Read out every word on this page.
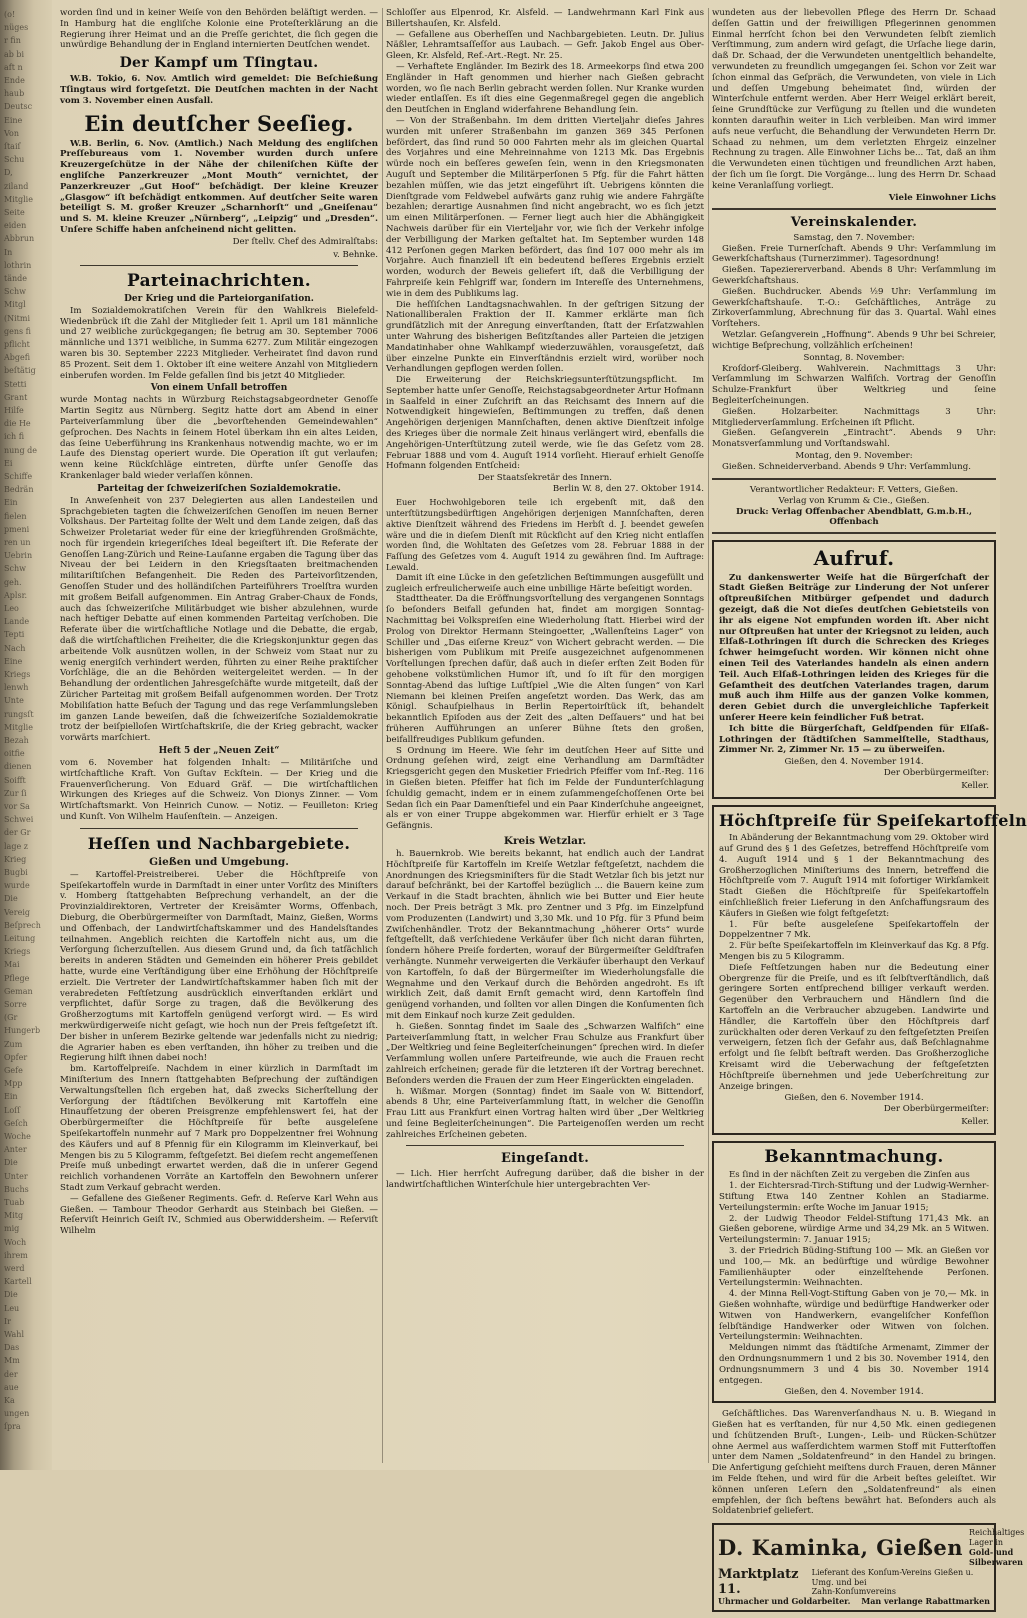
(o!
nüges
r fin
ab bi
aft n
Ende
haub
Deutsc
Eine
Von
ſtaiſ
Schu
D,
ziland
Mitglie
Seite
eiden
Abbrun
In
lothrin
tände
Schw
Mitgl
(Nitmi
gens fi
pflicht
Abgefi
beſtätig
Stetti
Grant
Hilfe
die He
ich fi
nung de
Ei
Schiffe
Bedrän
Ein
fielen
pmeni
ren un
Uebrin
Schw
geh.
Aplsr.
Leo
Lande
Tepti
Nach
Eine
Kriegs
lenwh
Unte
rungsſt
Mitglie
Bezah
oitfie
dienen
Soifft
Zur ſi
vor Sa
Schwei
der Gr
lage z
Krieg
Bugbi
wurde
Die
Vereig
Beſprech
Leitung
Kriegs
Mai
Pflege
Geman
Sorre
(Gr
Hungerb
Zum
Opfer
Gefe
Mpp
Ein
Loſſ
Geſch
Woche
Anter
Die
Unter
Buchs
Tuab
Mitg
mig
Woch
ihrem
werd
Kartell
Die
Leu
Ir
Wahl
Das
Mm
der
aue
Ka
ungen
ſpra

worden ſind und in keiner Weiſe von den Behörden beläſtigt werden. — In Hamburg hat die engliſche Kolonie eine Proteſterklärung an die Regierung ihrer Heimat und an die Preſſe gerichtet, die ſich gegen die unwürdige Behandlung der in England internierten Deutſchen wendet.

Der Kampf um Tſingtau.

W.B. Tokio, 6. Nov. Amtlich wird gemeldet: Die Beſchießung Tſingtaus wird fortgeſetzt. Die Deutſchen machten in der Nacht vom 3. November einen Ausfall.

Ein deutſcher Seeſieg.

W.B. Berlin, 6. Nov. (Amtlich.) Nach Meldung des engliſchen Preſſebureaus vom 1. November wurden durch unſere Kreuzergeſchütze in der Nähe der chileniſchen Küſte der engliſche Panzerkreuzer „Mont Mouth“ vernichtet, der Panzerkreuzer „Gut Hoof“ beſchädigt. Der kleine Kreuzer „Glasgow“ iſt beſchädigt entkommen. Auf deutſcher Seite waren beteiligt S. M. großer Kreuzer „Scharnhorſt“ und „Gneiſenau“ und S. M. kleine Kreuzer „Nürnberg“, „Leipzig“ und „Dresden“. Unſere Schiffe haben anſcheinend nicht gelitten.

Der ſtellv. Chef des Admiralſtabs:
v. Behnke.
Parteinachrichten.
Der Krieg und die Parteiorganiſation.

Im Sozialdemokratiſchen Verein für den Wahlkreis Bielefeld-Wiedenbrück iſt die Zahl der Mitglieder ſeit 1. April um 181 männliche und 27 weibliche zurückgegangen; ſie betrug am 30. September 7006 männliche und 1371 weibliche, in Summa 6277. Zum Militär eingezogen waren bis 30. September 2223 Mitglieder. Verheiratet ſind davon rund 85 Prozent. Seit dem 1. Oktober iſt eine weitere Anzahl von Mitgliedern einberufen worden. Im Felde gefallen ſind bis jetzt 40 Mitglieder.

Von einem Unfall betroffen

wurde Montag nachts in Würzburg Reichstagsabgeordneter Genoſſe Martin Segitz aus Nürnberg. Segitz hatte dort am Abend in einer Parteiverſammlung über die „bevorſtehenden Gemeindewahlen“ geſprochen. Des Nachts in ſeinem Hotel überkam ihn ein altes Leiden, das ſeine Ueberführung ins Krankenhaus notwendig machte, wo er im Laufe des Dienstag operiert wurde. Die Operation iſt gut verlaufen; wenn keine Rückſchläge eintreten, dürfte unſer Genoſſe das Krankenlager bald wieder verlaſſen können.

Parteitag der ſchweizeriſchen Sozialdemokratie.

In Anweſenheit von 237 Delegierten aus allen Landesteilen und Sprachgebieten tagten die ſchweizeriſchen Genoſſen im neuen Berner Volkshaus. Der Parteitag ſollte der Welt und dem Lande zeigen, daß das Schweizer Proletariat weder für eine der kriegführenden Großmächte, noch für irgendein kriegeriſches Ideal begeiſtert iſt. Die Referate der Genoſſen Lang-Zürich und Reine-Lauſanne ergaben die Tagung über das Niveau der bei Leidern in den Kriegsſtaaten breitmachenden militariſtiſchen Befangenheit. Die Reden des Parteivorſitzenden, Genoſſen Studer und des holländiſchen Parteiführers Troelſtra wurden mit großem Beifall aufgenommen. Ein Antrag Graber-Chaux de Fonds, auch das ſchweizeriſche Militärbudget wie bisher abzulehnen, wurde nach heftiger Debatte auf einen kommenden Parteitag verſchoben. Die Referate über die wirtſchaftliche Notlage und die Debatte, die ergab, daß die wirtſchaftlichen Freiheiter, die die Kriegskonjunktur gegen das arbeitende Volk ausnützen wollen, in der Schweiz vom Staat nur zu wenig energiſch verhindert werden, führten zu einer Reihe praktiſcher Vorſchläge, die an die Behörden weitergeleitet werden. — In der Behandlung der ordentlichen Jahresgeſchäfte wurde mitgeteilt, daß der Züricher Parteitag mit großem Beifall aufgenommen worden. Der Trotz Mobiliſation hatte Beſuch der Tagung und das rege Verſammlungsleben im ganzen Lande beweiſen, daß die ſchweizeriſche Sozialdemokratie trotz der beiſpielloſen Wirtſchaftskriſe, die der Krieg gebracht, wacker vorwärts marſchiert.

Heft 5 der „Neuen Zeit“

vom 6. November hat folgenden Inhalt: — Militäriſche und wirtſchaftliche Kraft. Von Guſtav Eckſtein. — Der Krieg und die Frauenverſicherung. Von Eduard Gräf. — Die wirtſchaftlichen Wirkungen des Krieges auf die Schweiz. Von Dionys Zinner. — Vom Wirtſchaftsmarkt. Von Heinrich Cunow. — Notiz. — Feuilleton: Krieg und Kunſt. Von Wilhelm Hauſenſtein. — Anzeigen.

Heſſen und Nachbargebiete.
Gießen und Umgebung.

— Kartoffel-Preistreiberei. Ueber die Höchſtpreiſe von Speiſekartoffeln wurde in Darmſtadt in einer unter Vorſitz des Miniſters v. Homberg ſtattgehabten Beſprechung verhandelt, an der die Provinzialdirektoren, Vertreter der Kreisämter Worms, Offenbach, Dieburg, die Oberbürgermeiſter von Darmſtadt, Mainz, Gießen, Worms und Offenbach, der Landwirtſchaftskammer und des Handelsſtandes teilnahmen. Angeblich reichten die Kartoffeln nicht aus, um die Verſorgung ſicherzuſtellen. Aus diesem Grund und, da ſich tatſächlich bereits in anderen Städten und Gemeinden ein höherer Preis gebildet hatte, wurde eine Verſtändigung über eine Erhöhung der Höchſtpreiſe erzielt. Die Vertreter der Landwirtſchaftskammer haben ſich mit der verabredeten Feſtſetzung ausdrücklich einverſtanden erklärt und verpflichtet, dafür Sorge zu tragen, daß die Bevölkerung des Großherzogtums mit Kartoffeln genügend verſorgt wird. — Es wird merkwürdigerweiſe nicht geſagt, wie hoch nun der Preis feſtgeſetzt iſt. Der bisher in unſerem Bezirke geltende war jedenfalls nicht zu niedrig; die Agrarier haben es eben verſtanden, ihn höher zu treiben und die Regierung hilft ihnen dabei noch!

bm. Kartoffelpreiſe. Nachdem in einer kürzlich in Darmſtadt im Miniſterium des Innern ſtattgehabten Beſprechung der zuſtändigen Verwaltungsſtellen ſich ergeben hat, daß zwecks Sicherſtellung der Verſorgung der ſtädtiſchen Bevölkerung mit Kartoffeln eine Hinaufſetzung der oberen Preisgrenze empfehlenswert ſei, hat der Oberbürgermeiſter die Höchſtpreiſe für beſte ausgeleſene Speiſekartoffeln nunmehr auf 7 Mark pro Doppelzentner frei Wohnung des Käufers und auf 8 Pfennig für ein Kilogramm im Kleinverkauf, bei Mengen bis zu 5 Kilogramm, feſtgeſetzt. Bei dieſem recht angemeſſenen Preiſe muß unbedingt erwartet werden, daß die in unſerer Gegend reichlich vorhandenen Vorräte an Kartoffeln den Bewohnern unſerer Stadt zum Verkauf gebracht werden.

— Gefallene des Gießener Regiments. Gefr. d. Reſerve Karl Wehn aus Gießen. — Tambour Theodor Gerhardt aus Steinbach bei Gießen. — Reſerviſt Heinrich Geiſt IV., Schmied aus Oberwiddersheim. — Reſerviſt Wilhelm

Schloſſer aus Elpenrod, Kr. Alsfeld. — Landwehrmann Karl Fink aus Billertshauſen, Kr. Alsfeld.

— Gefallene aus Oberheſſen und Nachbargebieten. Leutn. Dr. Julius Näßler, Lehramtsaſſeſſor aus Laubach. — Gefr. Jakob Engel aus Ober-Gleen, Kr. Alsfeld, Ref.-Art.-Regt. Nr. 25.

— Verhaftete Engländer. Im Bezirk des 18. Armeekorps ſind etwa 200 Engländer in Haft genommen und hierher nach Gießen gebracht worden, wo ſie nach Berlin gebracht werden ſollen. Nur Kranke wurden wieder entlaſſen. Es iſt dies eine Gegenmaßregel gegen die angeblich den Deutſchen in England widerfahrene Behandlung ſein.

— Von der Straßenbahn. Im dem dritten Vierteljahr dieſes Jahres wurden mit unſerer Straßenbahn im ganzen 369 345 Perſonen befördert, das ſind rund 50 000 Fahrten mehr als im gleichen Quartal des Vorjahres und eine Mehreinnahme von 1213 Mk. Das Ergebnis würde noch ein beſſeres geweſen ſein, wenn in den Kriegsmonaten Auguſt und September die Militärperſonen 5 Pfg. für die Fahrt hätten bezahlen müſſen, wie das jetzt eingeführt iſt. Uebrigens könnten die Dienſtgrade vom Feldwebel aufwärts ganz ruhig wie andere Fahrgäſte bezahlen; derartige Ausnahmen ſind nicht angebracht, wo es ſich jetzt um einen Militärperſonen. — Ferner liegt auch hier die Abhängigkeit Nachweis darüber für ein Vierteljahr vor, wie ſich der Verkehr infolge der Verbilligung der Marken geſtaltet hat. Im September wurden 148 412 Perſonen gegen Marken befördert, das ſind 107 000 mehr als im Vorjahre. Auch finanziell iſt ein bedeutend beſſeres Ergebnis erzielt worden, wodurch der Beweis geliefert iſt, daß die Verbilligung der Fahrpreiſe kein Fehlgriff war, ſondern im Intereſſe des Unternehmens, wie in dem des Publikums lag.

Die heſſiſchen Landtagsnachwahlen. In der geſtrigen Sitzung der Nationalliberalen Fraktion der II. Kammer erklärte man ſich grundſätzlich mit der Anregung einverſtanden, ſtatt der Erſatzwahlen unter Wahrung des bisherigen Beſitzſtandes aller Parteien die jetzigen Mandatinhaber ohne Wahlkampf wiederzuwählen, vorausgeſetzt, daß über einzelne Punkte ein Einverſtändnis erzielt wird, worüber noch Verhandlungen gepflogen werden ſollen.

Die Erweiterung der Reichskriegsunterſtützungspflicht. Im September hatte unſer Genoſſe, Reichstagsabgeordneter Artur Hofmann in Saalfeld in einer Zuſchrift an das Reichsamt des Innern auf die Notwendigkeit hingewieſen, Beſtimmungen zu treffen, daß denen Angehörigen derjenigen Mannſchaften, denen aktive Dienſtzeit infolge des Krieges über die normale Zeit hinaus verlängert wird, ebenfalls die Angehörigen-Unterſtützung zuteil werde, wie ſie das Geſetz vom 28. Februar 1888 und vom 4. Auguſt 1914 vorſieht. Hierauf erhielt Genoſſe Hofmann folgenden Entſcheid:

Der Staatsſekretär des Innern.
Berlin W. 8, den 27. Oktober 1914.

Euer Hochwohlgeboren teile ich ergebenſt mit, daß den unterſtützungsbedürftigen Angehörigen derjenigen Mannſchaften, deren aktive Dienſtzeit während des Friedens im Herbſt d. J. beendet geweſen wäre und die in dieſem Dienſt mit Rückſicht auf den Krieg nicht entlaſſen worden ſind, die Wohltaten des Geſetzes vom 28. Februar 1888 in der Faſſung des Geſetzes vom 4. Auguſt 1914 zu gewähren ſind. Im Auftrage: Lewald.

Damit iſt eine Lücke in den geſetzlichen Beſtimmungen ausgefüllt und zugleich erfreulicherweiſe auch eine unbillige Härte beſeitigt worden.

Stadttheater. Da die Eröffnungsvorſtellung des vergangenen Sonntags ſo beſonders Beifall gefunden hat, findet am morgigen Sonntag-Nachmittag bei Volkspreiſen eine Wiederholung ſtatt. Hierbei wird der Prolog von Direktor Hermann Steingoetter, „Wallenſteins Lager“ von Schiller und „Das eiſerne Kreuz“ von Wichert gebracht werden. — Die bisherigen vom Publikum mit Preiſe ausgezeichnet aufgenommenen Vorſtellungen ſprechen dafür, daß auch in dieſer erſten Zeit Boden für gehobene volkstümlichen Humor iſt, und ſo iſt für den morgigen Sonntag-Abend das luſtige Luſtſpiel „Wie die Alten ſungen“ von Karl Niemann bei kleinen Preiſen angeſetzt worden. Das Werk, das am Königl. Schauſpielhaus in Berlin Repertoirſtück iſt, behandelt bekanntlich Epiſoden aus der Zeit des „alten Deſſauers“ und hat bei früheren Aufführungen an unſerer Bühne ſtets den großen, beifallfreudiges Publikum gefunden.

S Ordnung im Heere. Wie ſehr im deutſchen Heer auf Sitte und Ordnung geſehen wird, zeigt eine Verhandlung am Darmſtädter Kriegsgericht gegen den Musketier Friedrich Pfeiffer vom Inf.-Reg. 116 in Gießen bieten. Pfeiffer hat ſich im Felde der Fundunterſchlagung ſchuldig gemacht, indem er in einem zuſammengeſchoſſenen Orte bei Sedan ſich ein Paar Damenſtiefel und ein Paar Kinderſchuhe angeeignet, als er von einer Truppe abgekommen war. Hierfür erhielt er 3 Tage Gefängnis.

Kreis Wetzlar.

h. Bauernkrob. Wie bereits bekannt, hat endlich auch der Landrat Höchſtpreiſe für Kartoffeln im Kreiſe Wetzlar feſtgeſetzt, nachdem die Anordnungen des Kriegsminiſters für die Stadt Wetzlar ſich bis jetzt nur darauf beſchränkt, bei der Kartoffel bezüglich ... die Bauern keine zum Verkauf in die Stadt brachten, ähnlich wie bei Butter und Eier heute noch. Der Preis beträgt 3 Mk. pro Zentner und 3 Pfg. im Einzelpfund vom Produzenten (Landwirt) und 3,30 Mk. und 10 Pfg. für 3 Pfund beim Zwiſchenhändler. Trotz der Bekanntmachung „höherer Orts“ wurde feſtgeſtellt, daß verſchiedene Verkäufer über ſich nicht daran führten, ſondern höhere Preiſe forderten, worauf der Bürgermeiſter Geldſtrafen verhängte. Nunmehr verweigerten die Verkäufer überhaupt den Verkauf von Kartoffeln, ſo daß der Bürgermeiſter im Wiederholungsfalle die Wegnahme und den Verkauf durch die Behörden angedroht. Es iſt wirklich Zeit, daß damit Ernſt gemacht wird, denn Kartoffeln ſind genügend vorhanden, und ſollten vor allen Dingen die Konſumenten ſich mit dem Einkauf noch kurze Zeit gedulden.

h. Gießen. Sonntag findet im Saale des „Schwarzen Walfiſch“ eine Parteiverſammlung ſtatt, in welcher Frau Schulze aus Frankfurt über „Der Weltkrieg und ſeine Begleiterſcheinungen“ ſprechen wird. In dieſer Verſammlung wollen unſere Parteifreunde, wie auch die Frauen recht zahlreich erſcheinen; gerade für die letzteren iſt der Vortrag berechnet. Beſonders werden die Frauen der zum Heer Eingerückten eingeladen.

h. Wißmar. Morgen (Sonntag) findet im Saale von W. Bittendorf, abends 8 Uhr, eine Parteiverſammlung ſtatt, in welcher die Genoſſin Frau Litt aus Frankfurt einen Vortrag halten wird über „Der Weltkrieg und ſeine Begleiterſcheinungen“. Die Parteigenoſſen werden um recht zahlreiches Erſcheinen gebeten.

Eingeſandt.

— Lich. Hier herrſcht Aufregung darüber, daß die bisher in der landwirtſchaftlichen Winterſchule hier untergebrachten Ver-

wundeten aus der liebevollen Pflege des Herrn Dr. Schaad deſſen Gattin und der freiwilligen Pflegerinnen genommen Einmal herrſcht ſchon bei den Verwundeten ſelbſt ziemlich Verſtimmung, zum andern wird geſagt, die Urſache liege darin, daß Dr. Schaad, der die Verwundeten unentgeltlich behandelte, verwundeten zu freundlich umgegangen ſei. Schon vor Zeit war ſchon einmal das Geſpräch, die Verwundeten, von viele in Lich und deſſen Umgebung beheimatet ſind, würden der Winterſchule entfernt werden. Aber Herr Weigel erklärt bereit, ſeine Grundſtücke zur Verfügung zu ſtellen und die wundeten konnten daraufhin weiter in Lich verbleiben. Man wird immer aufs neue verſucht, die Behandlung der Verwundeten Herrn Dr. Schaad zu nehmen, um dem verletzten Ehrgeiz einzelner Rechnung zu tragen. Alle Einwohner Lichs be... Tat, daß an ihm die Verwundeten einen tüchtigen und freundlichen Arzt haben, der ſich um ſie ſorgt. Die Vorgänge... lung des Herrn Dr. Schaad keine Veranlaſſung vorliegt.

Viele Einwohner Lichs
Vereinskalender.
Samstag, den 7. November:

Gießen. Freie Turnerſchaft. Abends 9 Uhr: Verſammlung im Gewerkſchaftshaus (Turnerzimmer). Tagesordnung!

Gießen. Tapeziererverband. Abends 8 Uhr: Verſammlung im Gewerkſchaftshaus.

Gießen. Buchdrucker. Abends ½9 Uhr: Verſammlung im Gewerkſchaftshauſe. T.-O.: Geſchäftliches, Anträge zu Zirkoverſammlung, Abrechnung für das 3. Quartal. Wahl eines Vorſtehers.

Wetzlar. Geſangverein „Hoffnung“. Abends 9 Uhr bei Schreier, wichtige Beſprechung, vollzählich erſcheinen!

Sonntag, 8. November:

Kroſdorf-Gleiberg. Wahlverein. Nachmittags 3 Uhr: Verſammlung im Schwarzen Walfiſch. Vortrag der Genoſſin Schulze-Frankfurt über Weltkrieg und ſeine Begleiterſcheinungen.

Gießen. Holzarbeiter. Nachmittags 3 Uhr: Mitgliederverſammlung. Erſcheinen iſt Pflicht.

Gießen. Geſangverein „Eintracht“. Abends 9 Uhr: Monatsverſammlung und Vorſtandswahl.

Montag, den 9. November:

Gießen. Schneiderverband. Abends 9 Uhr: Verſammlung.

Verantwortlicher Redakteur: F. Vetters, Gießen.
Verlag von Krumm & Cie., Gießen.
Druck: Verlag Offenbacher Abendblatt, G.m.b.H., Offenbach
Aufruf.

Zu dankenswerter Weiſe hat die Bürgerſchaft der Stadt Gießen Beiträge zur Linderung der Not unſerer oſtpreußiſchen Mitbürger geſpendet und dadurch gezeigt, daß die Not dieſes deutſchen Gebietsteils von ihr als eigene Not empfunden worden iſt. Aber nicht nur Oſtpreußen hat unter der Kriegsnot zu leiden, auch Elſaß-Lothringen iſt durch die Schrecken des Krieges ſchwer heimgeſucht worden. Wir können nicht ohne einen Teil des Vaterlandes handeln als einen andern Teil. Auch Elſaß-Lothringen leiden des Krieges für die Geſamtheit des deutſchen Vaterlandes tragen, darum muß auch ihm Hilfe aus der ganzen Volke kommen, deren Gebiet durch die unvergleichliche Tapferkeit unſerer Heere kein feindlicher Fuß betrat.

Ich bitte die Bürgerſchaft, Geldſpenden für Elſaß-Lothringen der ſtädtiſchen Sammelſtelle, Stadthaus, Zimmer Nr. 2, Zimmer Nr. 15 — zu überweiſen.

Gießen, den 4. November 1914.
Der Oberbürgermeiſter:
Keller.
Höchſtpreiſe für Speiſekartoffeln

In Abänderung der Bekanntmachung vom 29. Oktober wird auf Grund des § 1 des Geſetzes, betreffend Höchſtpreiſe vom 4. Auguſt 1914 und § 1 der Bekanntmachung des Großherzoglichen Miniſteriums des Innern, betreffend die Höchſtpreiſe vom 7. Auguſt 1914 mit ſofortiger Wirkſamkeit Stadt Gießen die Höchſtpreiſe für Speiſekartoffeln einſchließlich freier Lieferung in den Anſchaffungsraum des Käufers in Gießen wie folgt feſtgeſetzt:

1. Für beſte ausgeleſene Speiſekartoffeln der Doppelzentner 7 Mk.

2. Für beſte Speiſekartoffeln im Kleinverkauf das Kg. 8 Pfg. Mengen bis zu 5 Kilogramm.

Dieſe Feſtſetzungen haben nur die Bedeutung einer Obergrenze für die Preiſe, und es iſt ſelbſtverſtändlich, daß geringere Sorten entſprechend billiger verkauft werden. Gegenüber den Verbrauchern und Händlern ſind die Kartoffeln an die Verbraucher abzugeben. Landwirte und Händler, die Kartoffeln über den Höchſtpreis darf zurückhalten oder deren Verkauf zu den feſtgeſetzten Preiſen verweigern, ſetzen ſich der Gefahr aus, daß Beſchlagnahme erfolgt und ſie ſelbſt beſtraft werden. Das Großherzogliche Kreisamt wird die Ueberwachung der feſtgeſetzten Höchſtpreiſe übernehmen und jede Ueberſchreitung zur Anzeige bringen.

Gießen, den 6. November 1914.
Der Oberbürgermeiſter:
Keller.
Bekanntmachung.

Es ſind in der nächſten Zeit zu vergeben die Zinſen aus

1. der Eichtersrad-Tirch-Stiftung und der Ludwig-Wernher-Stiftung Etwa 140 Zentner Kohlen an Stadiarme. Verteilungstermin: erſte Woche im Januar 1915;

2. der Ludwig Theodor Feldel-Stiftung 171,43 Mk. an Gießen geborene, würdige Arme und 34,29 Mk. an 5 Witwen. Verteilungstermin: 7. Januar 1915;

3. der Friedrich Büding-Stiftung 100 — Mk. an Gießen vor und 100,— Mk. an bedürftige und würdige Bewohner Familienhäupter oder einzelſtehende Perſonen. Verteilungstermin: Weihnachten.

4. der Minna Rell-Vogt-Stiftung Gaben von je 70,— Mk. in Gießen wohnhafte, würdige und bedürftige Handwerker oder Witwen von Handwerkern, evangeliſcher Konfeſſion ſelbſtändige Handwerker oder Witwen von ſolchen. Verteilungstermin: Weihnachten.

Meldungen nimmt das ſtädtiſche Armenamt, Zimmer der den Ordnungsnummern 1 und 2 bis 30. November 1914, den Ordnungsnummern 3 und 4 bis 30. November 1914 entgegen.

Gießen, den 4. November 1914.

Geſchäftliches. Das Warenverſandhaus N. u. B. Wiegand in Gießen hat es verſtanden, für nur 4,50 Mk. einen gediegenen und ſchützenden Bruſt-, Lungen-, Leib- und Rücken-Schützer ohne Aermel aus waſſerdichtem warmen Stoff mit Futterſtoffen unter dem Namen „Soldatenfreund“ in den Handel zu bringen. Die Anfertigung geſchieht meiſtens durch Frauen, deren Männer im Felde ſtehen, und wird für die Arbeit beſtes geleiſtet. Wir können unſeren Leſern den „Soldatenfreund“ als einen empfehlen, der ſich beſtens bewährt hat. Beſonders auch als Soldatenbrief geliefert.

D. Kaminka, Gießen
Reichhaltiges Lager in
Gold- und Silberwaren
Marktplatz 11.
Lieferant des Konſum-Vereins Gießen u. Umg. und bei
Zahn-Konſumvereins
Uhrmacher und Goldarbeiter. Man verlange Rabattmarken
